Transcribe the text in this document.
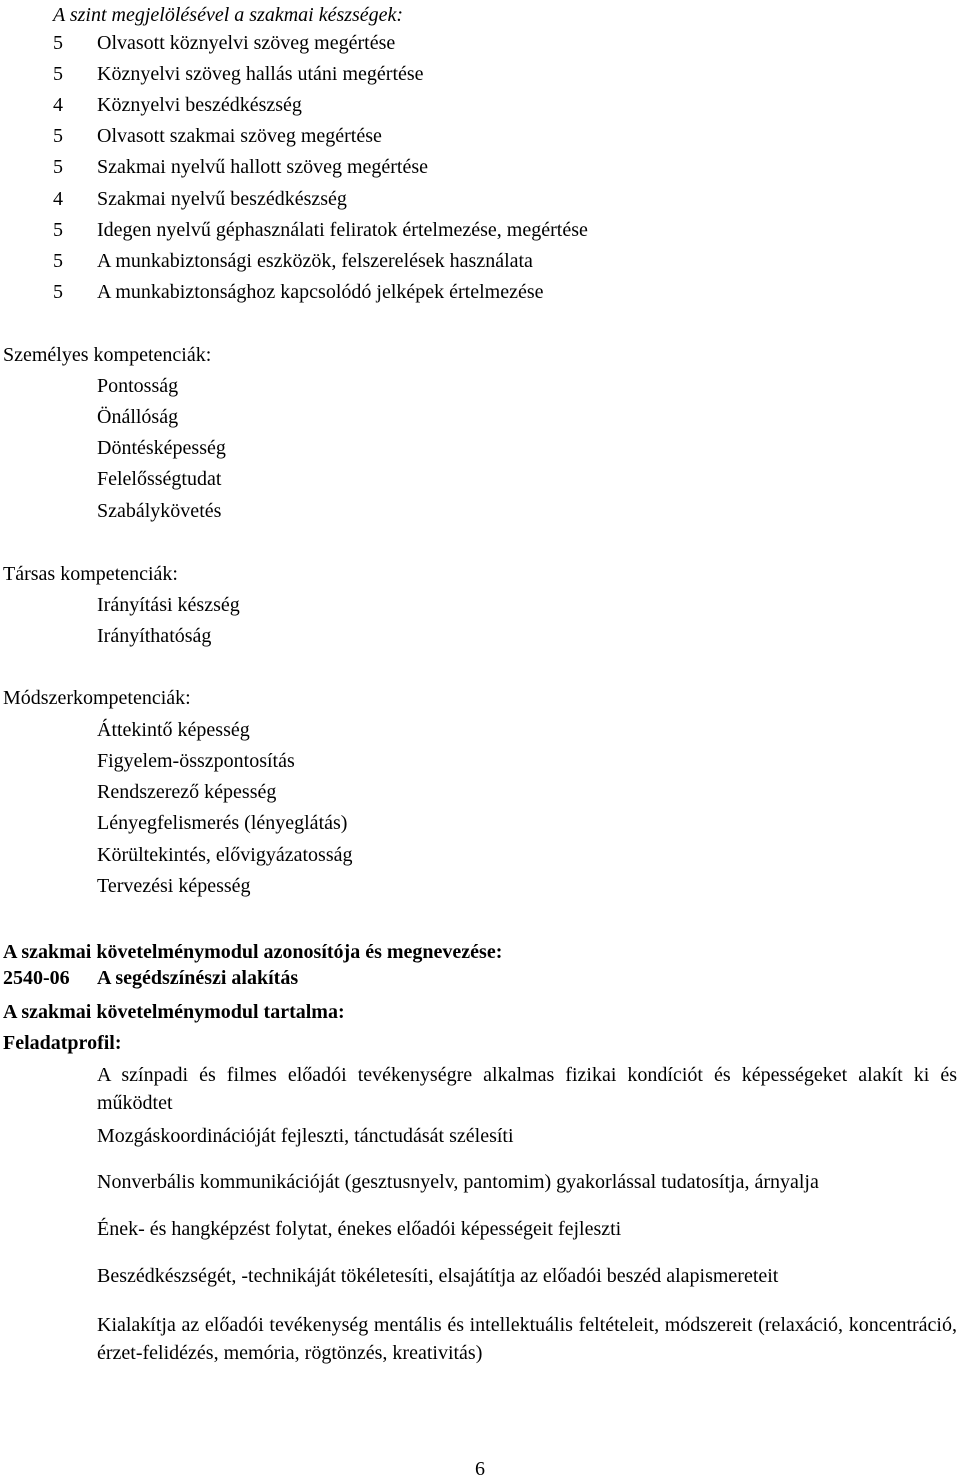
A szint megjelölésével a szakmai készségek:
5 Olvasott köznyelvi szöveg megértése
5 Köznyelvi szöveg hallás utáni megértése
4 Köznyelvi beszédkészség
5 Olvasott szakmai szöveg megértése
5 Szakmai nyelvű hallott szöveg megértése
4 Szakmai nyelvű beszédkészség
5 Idegen nyelvű géphasználati feliratok értelmezése, megértése
5 A munkabiztonsági eszközök, felszerelések használata
5 A munkabiztonsághoz kapcsolódó jelképek értelmezése
Személyes kompetenciák:
Pontosság
Önállóság
Döntésképesség
Felelősségtudat
Szabálykövetés
Társas kompetenciák:
Irányítási készség
Irányíthatóság
Módszerkompetenciák:
Áttekintő képesség
Figyelem-összpontosítás
Rendszerező képesség
Lényegfelismerés (lényeglátás)
Körültekintés, elővigyázatosság
Tervezési képesség
A szakmai követelménymodul azonosítója és megnevezése:
2540-06 A segédszínészi alakítás
A szakmai követelménymodul tartalma:
Feladatprofil:
A színpadi és filmes előadói tevékenységre alkalmas fizikai kondíciót és képességeket alakít ki és működtet
Mozgáskoordinációját fejleszti, tánctudását szélesíti
Nonverbális kommunikációját (gesztusnyelv, pantomim) gyakorlással tudatosítja, árnyalja
Ének- és hangképzést folytat, énekes előadói képességeit fejleszti
Beszédkészségét, -technikáját tökéletesíti, elsajátítja az előadói beszéd alapismereteit
Kialakítja az előadói tevékenység mentális és intellektuális feltételeit, módszereit (relaxáció, koncentráció, érzet-felidézés, memória, rögtönzés, kreativitás)
6
